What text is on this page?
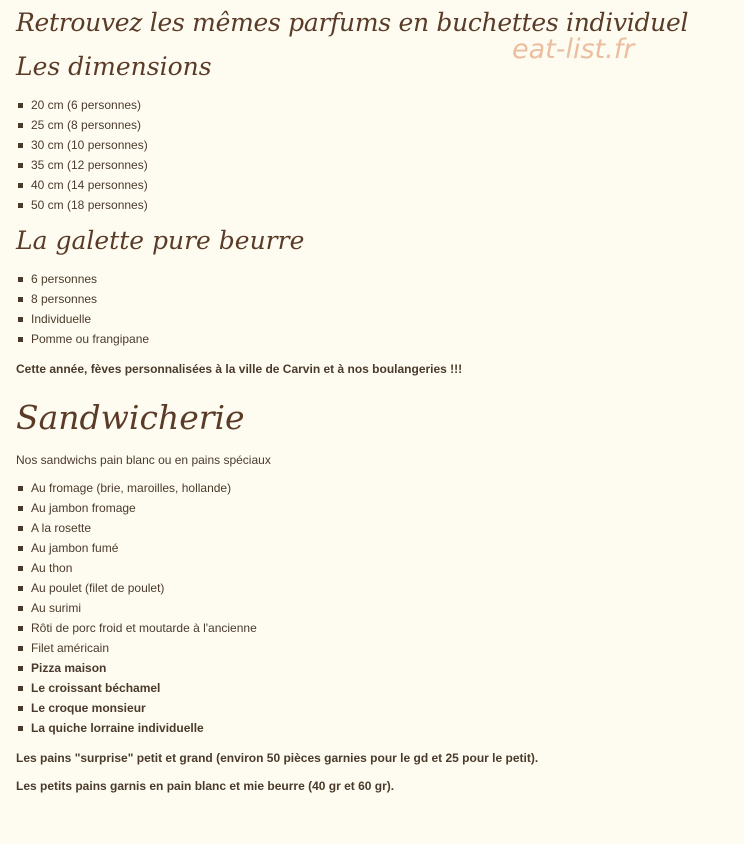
Retrouvez les mêmes parfums en buchettes individuel
eat-list.fr
Les dimensions
20 cm (6 personnes)
25 cm (8 personnes)
30 cm (10 personnes)
35 cm (12 personnes)
40 cm (14 personnes)
50 cm (18 personnes)
La galette pure beurre
6 personnes
8 personnes
Individuelle
Pomme ou frangipane
Cette année, fèves personnalisées à la ville de Carvin et à nos boulangeries !!!
Sandwicherie
Nos sandwichs pain blanc ou en pains spéciaux
Au fromage (brie, maroilles, hollande)
Au jambon fromage
A la rosette
Au jambon fumé
Au thon
Au poulet (filet de poulet)
Au surimi
Rôti de porc froid et moutarde à l'ancienne
Filet américain
Pizza maison
Le croissant béchamel
Le croque monsieur
La quiche lorraine individuelle
Les pains "surprise" petit et grand (environ 50 pièces garnies pour le gd et 25 pour le petit).
Les petits pains garnis en pain blanc et mie beurre (40 gr et 60 gr).
